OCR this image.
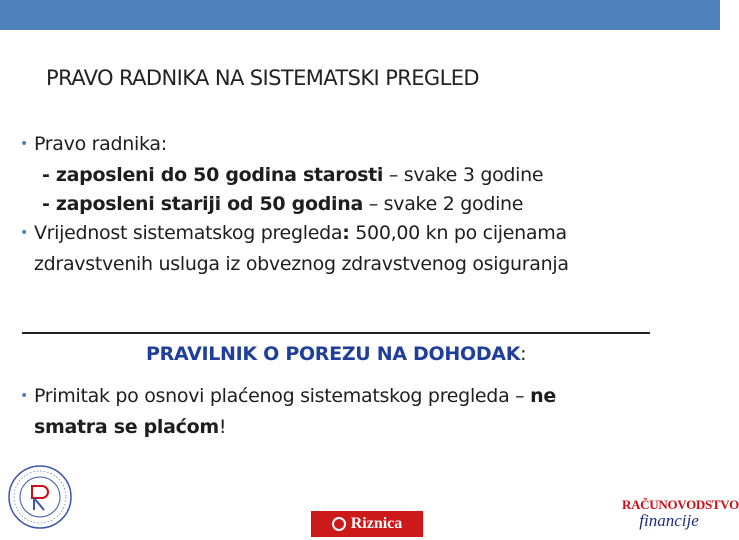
PRAVO RADNIKA NA SISTEMATSKI PREGLED
• Pravo radnika:
- zaposleni do 50 godina starosti – svake 3 godine
- zaposleni stariji od 50 godina – svake 2 godine
• Vrijednost sistematskog pregleda: 500,00 kn po cijenama
zdravstvenih usluga iz obveznog zdravstvenog osiguranja
PRAVILNIK O POREZU NA DOHODAK:
• Primitak po osnovi plaćenog sistematskog pregleda – ne
smatra se plaćom!
Riznica
RAČUNOVODSTVO
financije
